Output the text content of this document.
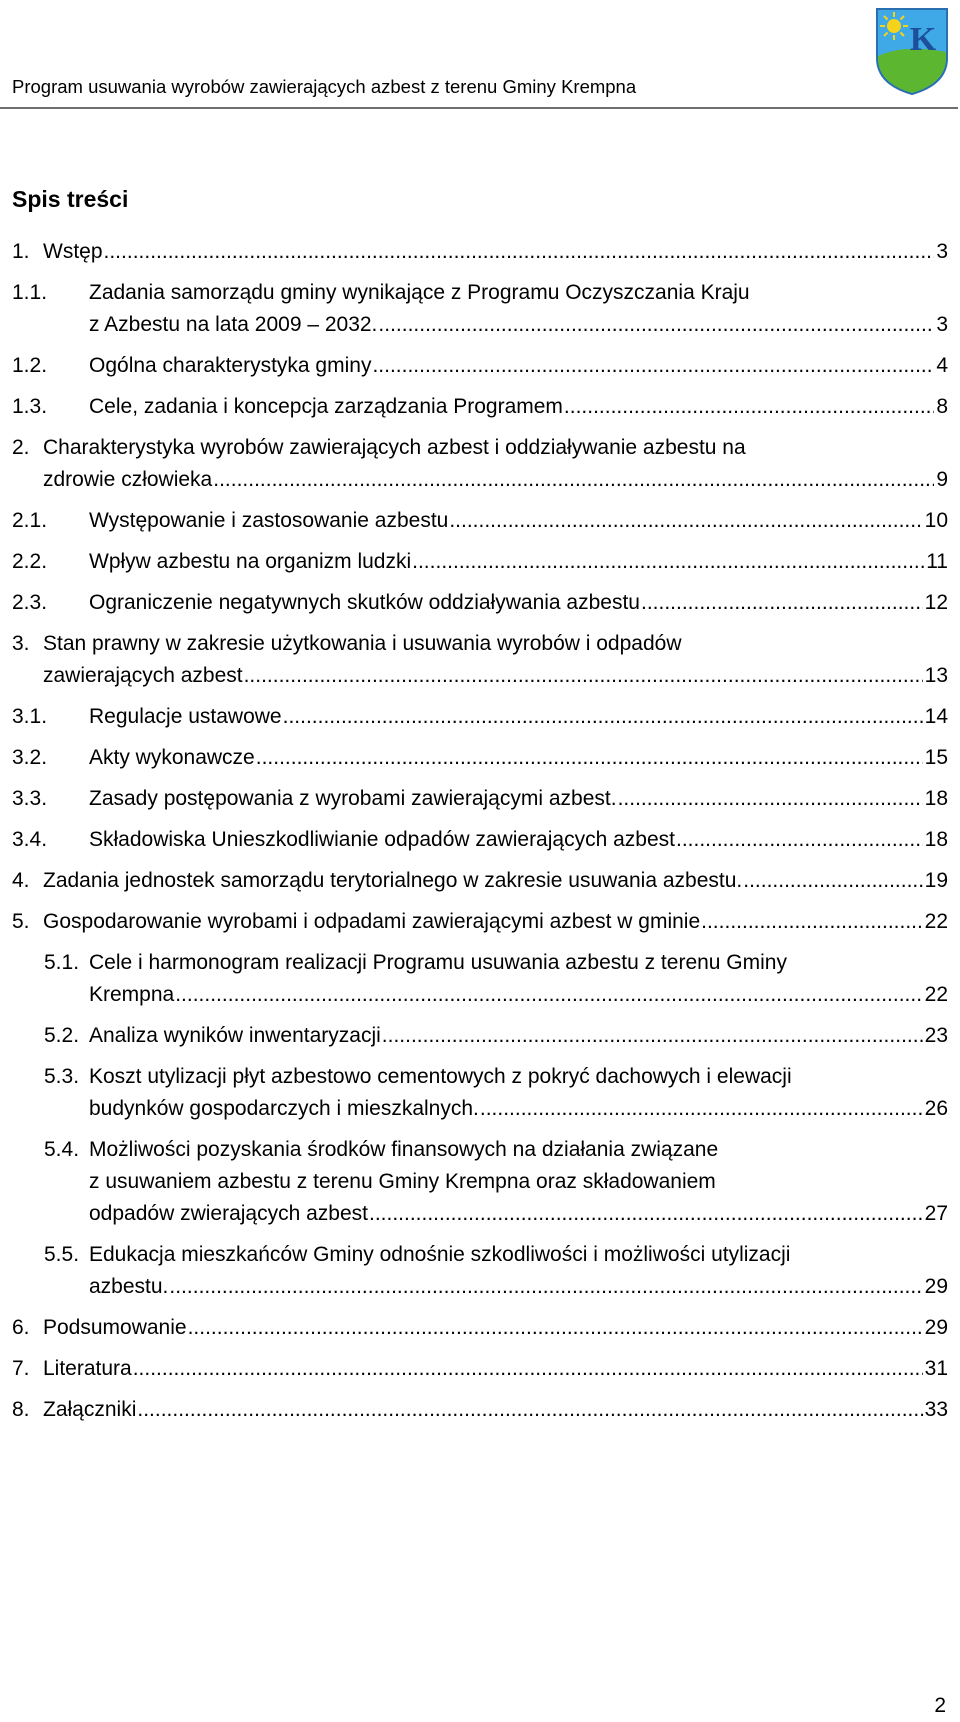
Program usuwania wyrobów zawierających azbest z terenu Gminy Krempna
K
Spis treści
1. Wstęp .....	3
1.1.	Zadania samorządu gminy wynikające z Programu Oczyszczania Kraju
z Azbestu na lata 2009 – 2032. .....	3
1.2.	Ogólna charakterystyka gminy .....	4
1.3.	Cele, zadania i koncepcja zarządzania Programem .....	8
2. Charakterystyka wyrobów zawierających azbest i oddziaływanie azbestu na
zdrowie człowieka .....	9
2.1.	Występowanie i zastosowanie azbestu .....	10
2.2.	Wpływ azbestu na organizm ludzki .....	11
2.3.	Ograniczenie negatywnych skutków oddziaływania azbestu .....	12
3. Stan prawny w zakresie użytkowania i usuwania wyrobów i odpadów
zawierających azbest .....	13
3.1.	Regulacje ustawowe .....	14
3.2.	Akty wykonawcze .....	15
3.3.	Zasady postępowania z wyrobami zawierającymi azbest. .....	18
3.4.	Składowiska Unieszkodliwianie odpadów zawierających azbest .....	18
4. Zadania jednostek samorządu terytorialnego w zakresie usuwania azbestu. .....	19
5. Gospodarowanie wyrobami i odpadami zawierającymi azbest w gminie .....	22
5.1. Cele i harmonogram realizacji Programu usuwania azbestu z terenu Gminy
Krempna .....	22
5.2. Analiza wyników inwentaryzacji .....	23
5.3. Koszt utylizacji płyt azbestowo cementowych z pokryć dachowych i elewacji
budynków gospodarczych i mieszkalnych. .....	26
5.4. Możliwości pozyskania środków finansowych na działania związane
z usuwaniem azbestu z terenu Gminy Krempna oraz składowaniem
odpadów zwierających azbest .....	27
5.5. Edukacja mieszkańców Gminy odnośnie szkodliwości i możliwości utylizacji
azbestu. .....	29
6. Podsumowanie .....	29
7. Literatura .....	31
8. Załączniki .....	33
2
